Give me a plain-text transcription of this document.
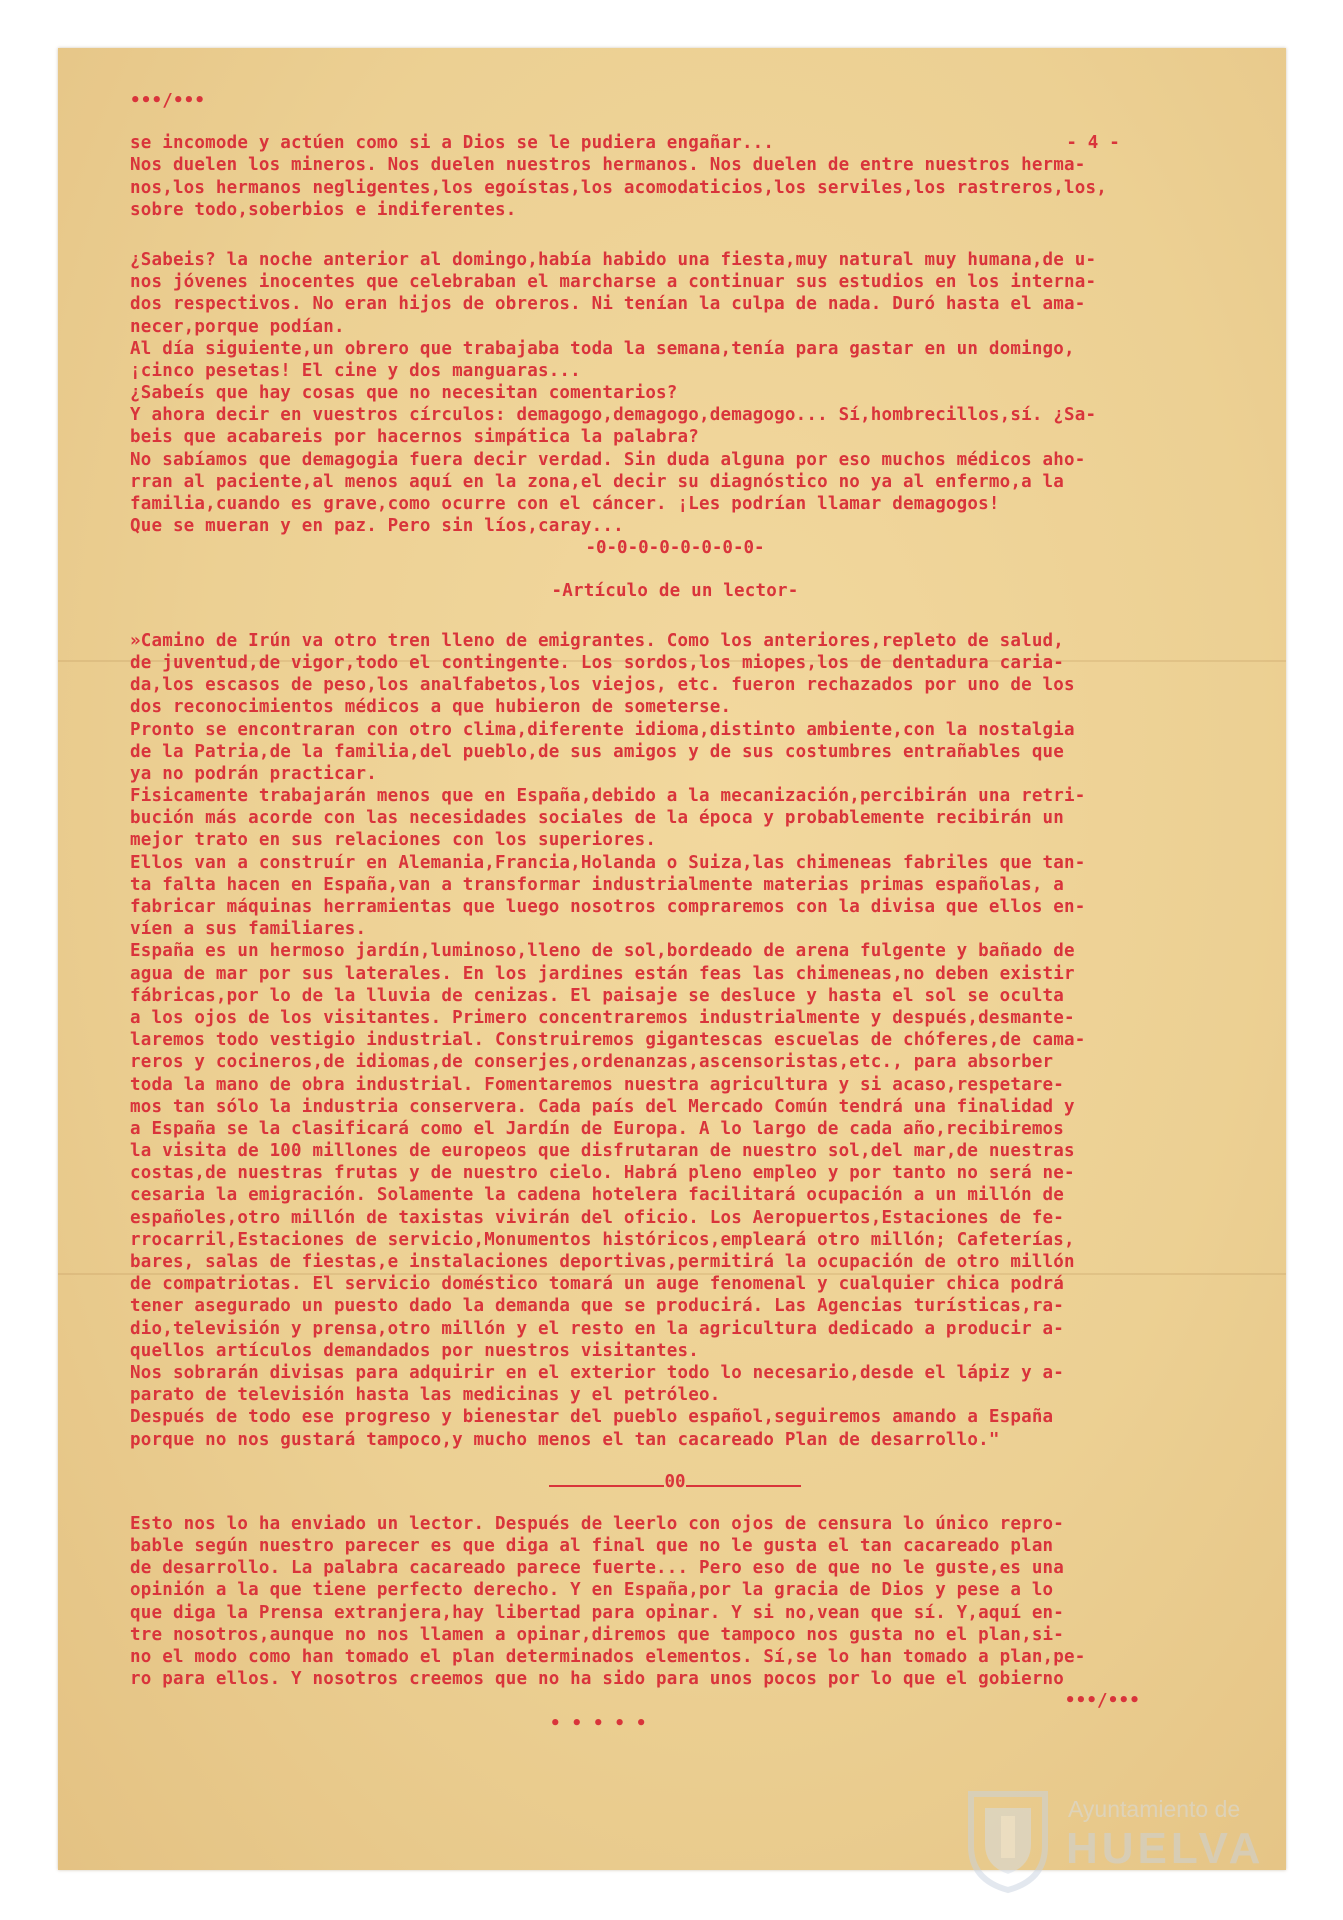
•••/•••
se incomode y actúen como si a Dios se le pudiera engañar...	- 4 -
Nos duelen los mineros. Nos duelen nuestros hermanos. Nos duelen de entre nuestros herma-
nos,los hermanos negligentes,los egoístas,los acomodaticios,los serviles,los rastreros,los,
sobre todo,soberbios e indiferentes.
¿Sabeis? la noche anterior al domingo,había habido una fiesta,muy natural muy humana,de u-
nos jóvenes inocentes que celebraban el marcharse a continuar sus estudios en los interna-
dos respectivos. No eran hijos de obreros. Ni tenían la culpa de nada. Duró hasta el ama-
necer,porque podían.
Al día siguiente,un obrero que trabajaba toda la semana,tenía para gastar en un domingo,
¡cinco pesetas! El cine y dos manguaras...
¿Sabeís que hay cosas que no necesitan comentarios?
Y ahora decir en vuestros círculos: demagogo,demagogo,demagogo... Sí,hombrecillos,sí. ¿Sa-
beis que acabareis por hacernos simpática la palabra?
No sabíamos que demagogia fuera decir verdad. Sin duda alguna por eso muchos médicos aho-
rran al paciente,al menos aquí en la zona,el decir su diagnóstico no ya al enfermo,a la
familia,cuando es grave,como ocurre con el cáncer. ¡Les podrían llamar demagogos!
Que se mueran y en paz. Pero sin líos,caray...
-0-0-0-0-0-0-0-0-
-Artículo de un lector-
»Camino de Irún va otro tren lleno de emigrantes. Como los anteriores,repleto de salud,
de juventud,de vigor,todo el contingente. Los sordos,los miopes,los de dentadura caria-
da,los escasos de peso,los analfabetos,los viejos, etc. fueron rechazados por uno de los
dos reconocimientos médicos a que hubieron de someterse.
Pronto se encontraran con otro clima,diferente idioma,distinto ambiente,con la nostalgia
de la Patria,de la familia,del pueblo,de sus amigos y de sus costumbres entrañables que
ya no podrán practicar.
Fisicamente trabajarán menos que en España,debido a la mecanización,percibirán una retri-
bución más acorde con las necesidades sociales de la época y probablemente recibirán un
mejor trato en sus relaciones con los superiores.
Ellos van a construír en Alemania,Francia,Holanda o Suiza,las chimeneas fabriles que tan-
ta falta hacen en España,van a transformar industrialmente materias primas españolas, a
fabricar máquinas herramientas que luego nosotros compraremos con la divisa que ellos en-
víen a sus familiares.
España es un hermoso jardín,luminoso,lleno de sol,bordeado de arena fulgente y bañado de
agua de mar por sus laterales. En los jardines están feas las chimeneas,no deben existir
fábricas,por lo de la lluvia de cenizas. El paisaje se desluce y hasta el sol se oculta
a los ojos de los visitantes. Primero concentraremos industrialmente y después,desmante-
laremos todo vestigio industrial. Construiremos gigantescas escuelas de chóferes,de cama-
reros y cocineros,de idiomas,de conserjes,ordenanzas,ascensoristas,etc., para absorber
toda la mano de obra industrial. Fomentaremos nuestra agricultura y si acaso,respetare-
mos tan sólo la industria conservera. Cada país del Mercado Común tendrá una finalidad y
a España se la clasificará como el Jardín de Europa. A lo largo de cada año,recibiremos
la visita de 100 millones de europeos que disfrutaran de nuestro sol,del mar,de nuestras
costas,de nuestras frutas y de nuestro cielo. Habrá pleno empleo y por tanto no será ne-
cesaria la emigración. Solamente la cadena hotelera facilitará ocupación a un millón de
españoles,otro millón de taxistas vivirán del oficio. Los Aeropuertos,Estaciones de fe-
rrocarril,Estaciones de servicio,Monumentos históricos,empleará otro millón; Cafeterías,
bares, salas de fiestas,e instalaciones deportivas,permitirá la ocupación de otro millón
de compatriotas. El servicio doméstico tomará un auge fenomenal y cualquier chica podrá
tener asegurado un puesto dado la demanda que se producirá. Las Agencias turísticas,ra-
dio,televisión y prensa,otro millón y el resto en la agricultura dedicado a producir a-
quellos artículos demandados por nuestros visitantes.
Nos sobrarán divisas para adquirir en el exterior todo lo necesario,desde el lápiz y a-
parato de televisión hasta las medicinas y el petróleo.
Después de todo ese progreso y bienestar del pueblo español,seguiremos amando a España
porque no nos gustará tampoco,y mucho menos el tan cacareado Plan de desarrollo."
00
Esto nos lo ha enviado un lector. Después de leerlo con ojos de censura lo único repro-
bable según nuestro parecer es que diga al final que no le gusta el tan cacareado plan
de desarrollo. La palabra cacareado parece fuerte... Pero eso de que no le guste,es una
opinión a la que tiene perfecto derecho. Y en España,por la gracia de Dios y pese a lo
que diga la Prensa extranjera,hay libertad para opinar. Y si no,vean que sí. Y,aquí en-
tre nosotros,aunque no nos llamen a opinar,diremos que tampoco nos gusta no el plan,si-
no el modo como han tomado el plan determinados elementos. Sí,se lo han tomado a plan,pe-
ro para ellos. Y nosotros creemos que no ha sido para unos pocos por lo que el gobierno
•••/•••
• • • • •
Ayuntamiento de
HUELVA
